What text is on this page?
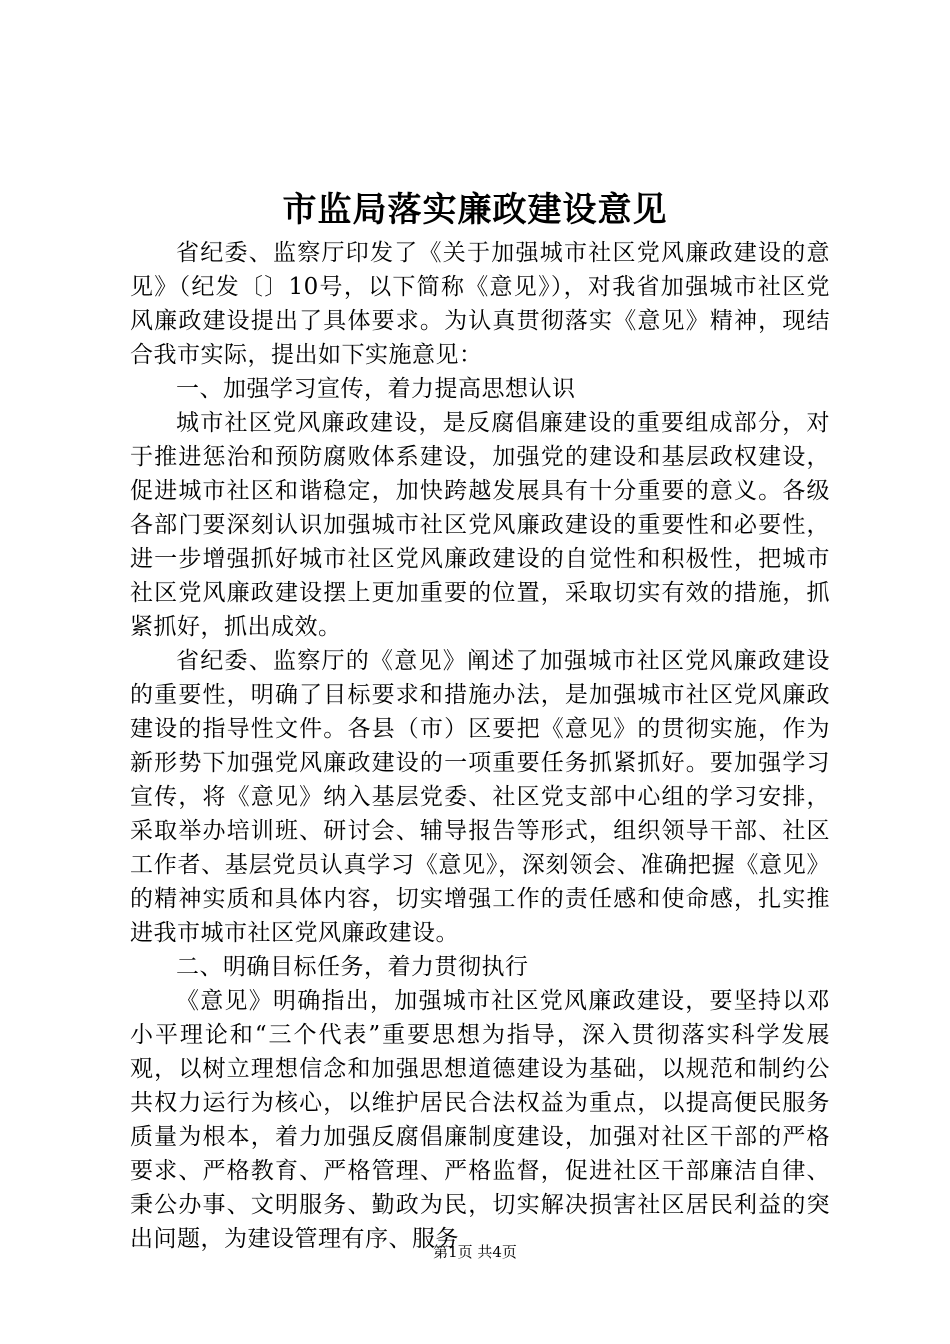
市监局落实廉政建设意见

省纪委、监察厅印发了《关于加强城市社区党风廉政建设的意见》（纪发〔〕10号，以下简称《意见》），对我省加强城市社区党风廉政建设提出了具体要求。为认真贯彻落实《意见》精神，现结合我市实际，提出如下实施意见：

一、加强学习宣传，着力提高思想认识

城市社区党风廉政建设，是反腐倡廉建设的重要组成部分，对于推进惩治和预防腐败体系建设，加强党的建设和基层政权建设，促进城市社区和谐稳定，加快跨越发展具有十分重要的意义。各级各部门要深刻认识加强城市社区党风廉政建设的重要性和必要性，进一步增强抓好城市社区党风廉政建设的自觉性和积极性，把城市社区党风廉政建设摆上更加重要的位置，采取切实有效的措施，抓紧抓好，抓出成效。

省纪委、监察厅的《意见》阐述了加强城市社区党风廉政建设的重要性，明确了目标要求和措施办法，是加强城市社区党风廉政建设的指导性文件。各县（市）区要把《意见》的贯彻实施，作为新形势下加强党风廉政建设的一项重要任务抓紧抓好。要加强学习宣传，将《意见》纳入基层党委、社区党支部中心组的学习安排，采取举办培训班、研讨会、辅导报告等形式，组织领导干部、社区工作者、基层党员认真学习《意见》，深刻领会、准确把握《意见》的精神实质和具体内容，切实增强工作的责任感和使命感，扎实推进我市城市社区党风廉政建设。

二、明确目标任务，着力贯彻执行

《意见》明确指出，加强城市社区党风廉政建设，要坚持以邓小平理论和“三个代表”重要思想为指导，深入贯彻落实科学发展观，以树立理想信念和加强思想道德建设为基础，以规范和制约公共权力运行为核心，以维护居民合法权益为重点，以提高便民服务质量为根本，着力加强反腐倡廉制度建设，加强对社区干部的严格要求、严格教育、严格管理、严格监督，促进社区干部廉洁自律、秉公办事、文明服务、勤政为民，切实解决损害社区居民利益的突出问题，为建设管理有序、服务

第1页 共4页
